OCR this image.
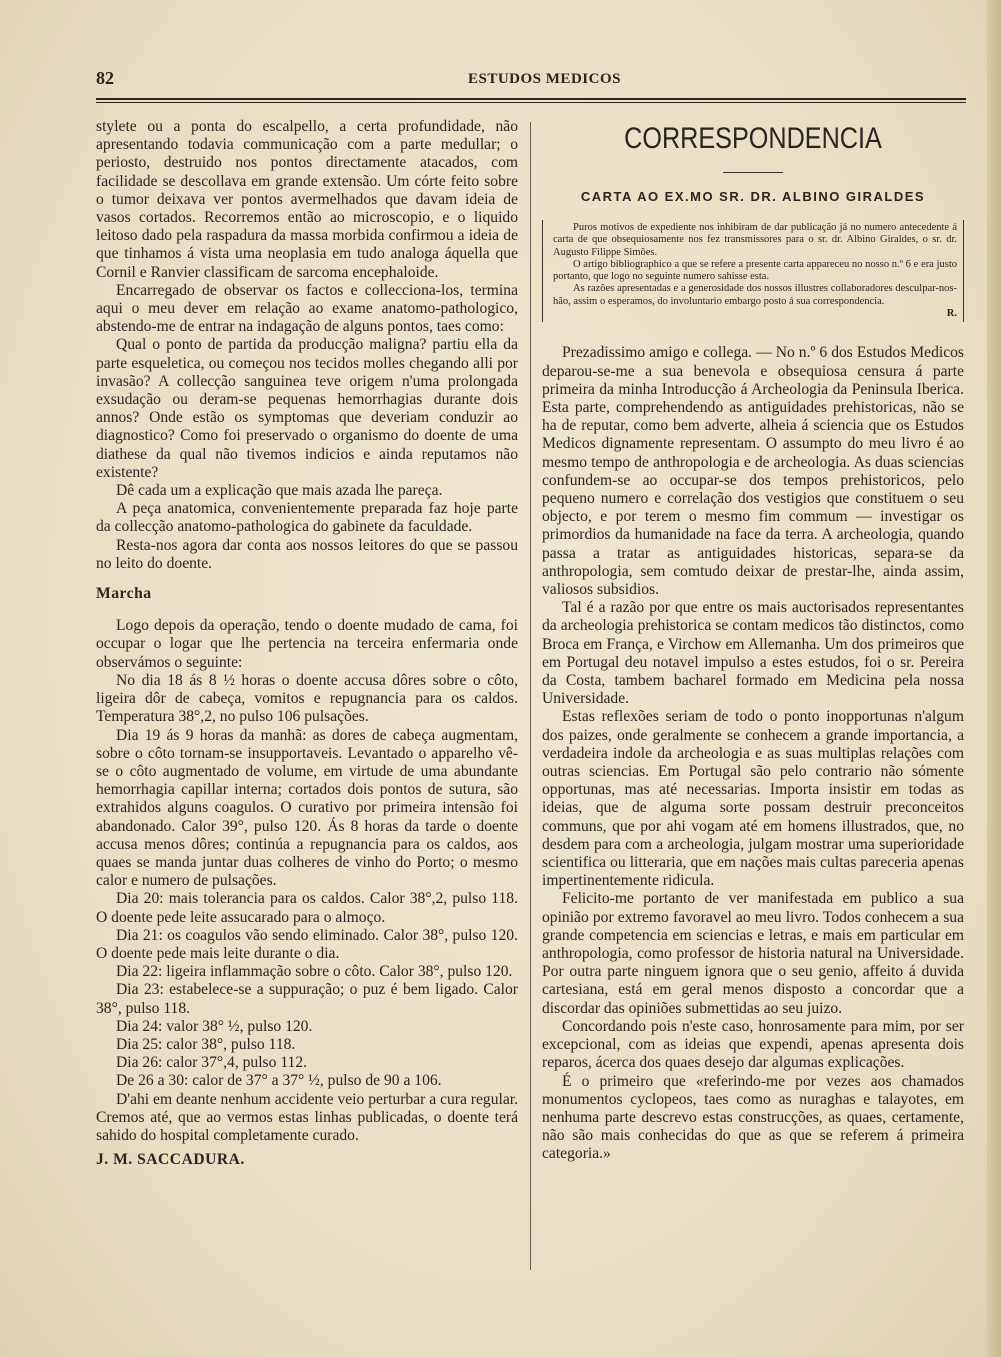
82	ESTUDOS MEDICOS

stylete ou a ponta do escalpello, a certa profundidade, não apresentando todavia communicação com a parte medullar; o periosto, destruido nos pontos directamente atacados, com facilidade se descollava em grande extensão. Um córte feito sobre o tumor deixava ver pontos avermelhados que davam ideia de vasos cortados. Recorremos então ao microscopio, e o liquido leitoso dado pela raspadura da massa morbida confirmou a ideia de que tinhamos á vista uma neoplasia em tudo analoga áquella que Cornil e Ranvier classificam de sarcoma encephaloide.

Encarregado de observar os factos e collecciona-los, termina aqui o meu dever em relação ao exame anatomo-pathologico, abstendo-me de entrar na indagação de alguns pontos, taes como:

Qual o ponto de partida da producção maligna? partiu ella da parte esqueletica, ou começou nos tecidos molles chegando alli por invasão? A collecção sanguinea teve origem n'uma prolongada exsudação ou deram-se pequenas hemorrhagias durante dois annos? Onde estão os symptomas que deveriam conduzir ao diagnostico? Como foi preservado o organismo do doente de uma diathese da qual não tivemos indicios e ainda reputamos não existente?

Dê cada um a explicação que mais azada lhe pareça.

A peça anatomica, convenientemente preparada faz hoje parte da collecção anatomo-pathologica do gabinete da faculdade.

Resta-nos agora dar conta aos nossos leitores do que se passou no leito do doente.

Marcha

Logo depois da operação, tendo o doente mudado de cama, foi occupar o logar que lhe pertencia na terceira enfermaria onde observámos o seguinte:

No dia 18 ás 8 ½ horas o doente accusa dôres sobre o côto, ligeira dôr de cabeça, vomitos e repugnancia para os caldos. Temperatura 38°,2, no pulso 106 pulsações.

Dia 19 ás 9 horas da manhã: as dores de cabeça augmentam, sobre o côto tornam-se insupportaveis. Levantado o apparelho vê-se o côto augmentado de volume, em virtude de uma abundante hemorrhagia capillar interna; cortados dois pontos de sutura, são extrahidos alguns coagulos. O curativo por primeira intensão foi abandonado. Calor 39°, pulso 120. Ás 8 horas da tarde o doente accusa menos dôres; continúa a repugnancia para os caldos, aos quaes se manda juntar duas colheres de vinho do Porto; o mesmo calor e numero de pulsações.

Dia 20: mais tolerancia para os caldos. Calor 38°,2, pulso 118. O doente pede leite assucarado para o almoço.

Dia 21: os coagulos vão sendo eliminado. Calor 38°, pulso 120. O doente pede mais leite durante o dia.

Dia 22: ligeira inflammação sobre o côto. Calor 38°, pulso 120.

Dia 23: estabelece-se a suppuração; o puz é bem ligado. Calor 38°, pulso 118.

Dia 24: valor 38° ½, pulso 120.

Dia 25: calor 38°, pulso 118.

Dia 26: calor 37°,4, pulso 112.

De 26 a 30: calor de 37° a 37° ½, pulso de 90 a 106.

D'ahi em deante nenhum accidente veio perturbar a cura regular. Cremos até, que ao vermos estas linhas publicadas, o doente terá sahido do hospital completamente curado.

J. M. SACCADURA.

CORRESPONDENCIA
CARTA AO EX.MO SR. DR. ALBINO GIRALDES

Puros motivos de expediente nos inhibiram de dar publicação já no numero antecedente á carta de que obsequiosamente nos fez transmissores para o sr. dr. Albino Giraldes, o sr. dr. Augusto Filippe Simões.

O artigo bibliographico a que se refere a presente carta appareceu no nosso n.º 6 e era justo portanto, que logo no seguinte numero sahisse esta.

As razões apresentadas e a generosidade dos nossos illustres collaboradores desculpar-nos-hão, assim o esperamos, do involuntario embargo posto á sua correspondencia.

R.

Prezadissimo amigo e collega. — No n.º 6 dos Estudos Medicos deparou-se-me a sua benevola e obsequiosa censura á parte primeira da minha Introducção á Archeologia da Peninsula Iberica. Esta parte, comprehendendo as antiguidades prehistoricas, não se ha de reputar, como bem adverte, alheia á sciencia que os Estudos Medicos dignamente representam. O assumpto do meu livro é ao mesmo tempo de anthropologia e de archeologia. As duas sciencias confundem-se ao occupar-se dos tempos prehistoricos, pelo pequeno numero e correlação dos vestigios que constituem o seu objecto, e por terem o mesmo fim commum — investigar os primordios da humanidade na face da terra. A archeologia, quando passa a tratar as antiguidades historicas, separa-se da anthropologia, sem comtudo deixar de prestar-lhe, ainda assim, valiosos subsidios.

Tal é a razão por que entre os mais auctorisados representantes da archeologia prehistorica se contam medicos tão distinctos, como Broca em França, e Virchow em Allemanha. Um dos primeiros que em Portugal deu notavel impulso a estes estudos, foi o sr. Pereira da Costa, tambem bacharel formado em Medicina pela nossa Universidade.

Estas reflexões seriam de todo o ponto inopportunas n'algum dos paizes, onde geralmente se conhecem a grande importancia, a verdadeira indole da archeologia e as suas multiplas relações com outras sciencias. Em Portugal são pelo contrario não sómente opportunas, mas até necessarias. Importa insistir em todas as ideias, que de alguma sorte possam destruir preconceitos communs, que por ahi vogam até em homens illustrados, que, no desdem para com a archeologia, julgam mostrar uma superioridade scientifica ou litteraria, que em nações mais cultas pareceria apenas impertinentemente ridicula.

Felicito-me portanto de ver manifestada em publico a sua opinião por extremo favoravel ao meu livro. Todos conhecem a sua grande competencia em sciencias e letras, e mais em particular em anthropologia, como professor de historia natural na Universidade. Por outra parte ninguem ignora que o seu genio, affeito á duvida cartesiana, está em geral menos disposto a concordar que a discordar das opiniões submettidas ao seu juizo.

Concordando pois n'este caso, honrosamente para mim, por ser excepcional, com as ideias que expendi, apenas apresenta dois reparos, ácerca dos quaes desejo dar algumas explicações.

É o primeiro que «referindo-me por vezes aos chamados monumentos cyclopeos, taes como as nuraghas e talayotes, em nenhuma parte descrevo estas construcções, as quaes, certamente, não são mais conhecidas do que as que se referem á primeira categoria.»
